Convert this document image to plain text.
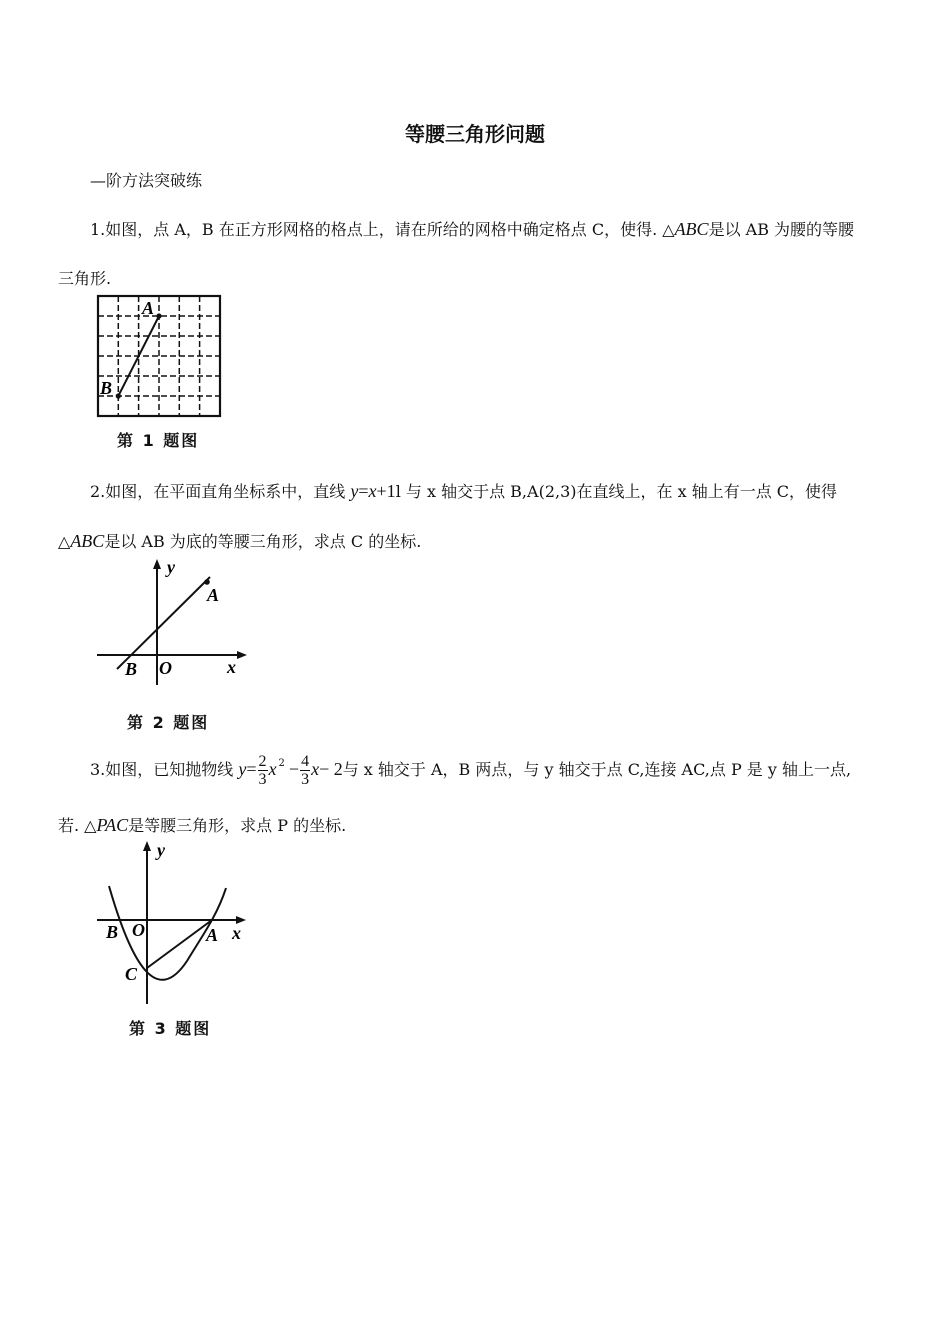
等腰三角形问题

—阶方法突破练

1.如图，点 A，B 在正方形网格的格点上，请在所给的网格中确定格点 C，使得. △ABC是以 AB 为腰的等腰

三角形.

A
B

第 1 题图

2.如图，在平面直角坐标系中，直线 y=x+1l 与 x 轴交于点 B,A(2,3)在直线上，在 x 轴上有一点 C，使得

△ABC是以 AB 为底的等腰三角形，求点 C 的坐标.

y
A
B O	x

第 2 题图

3.如图，已知抛物线 $y= \frac{2}{3}$ x $^2 - \frac{4}{3} x- 2$与 x 轴交于 A，B 两点，与 y 轴交于点 C,连接 AC,点 P 是 y 轴上一点,

若. △PAC是等腰三角形，求点 P 的坐标.

y
B O	A x
C

第 3 题图
